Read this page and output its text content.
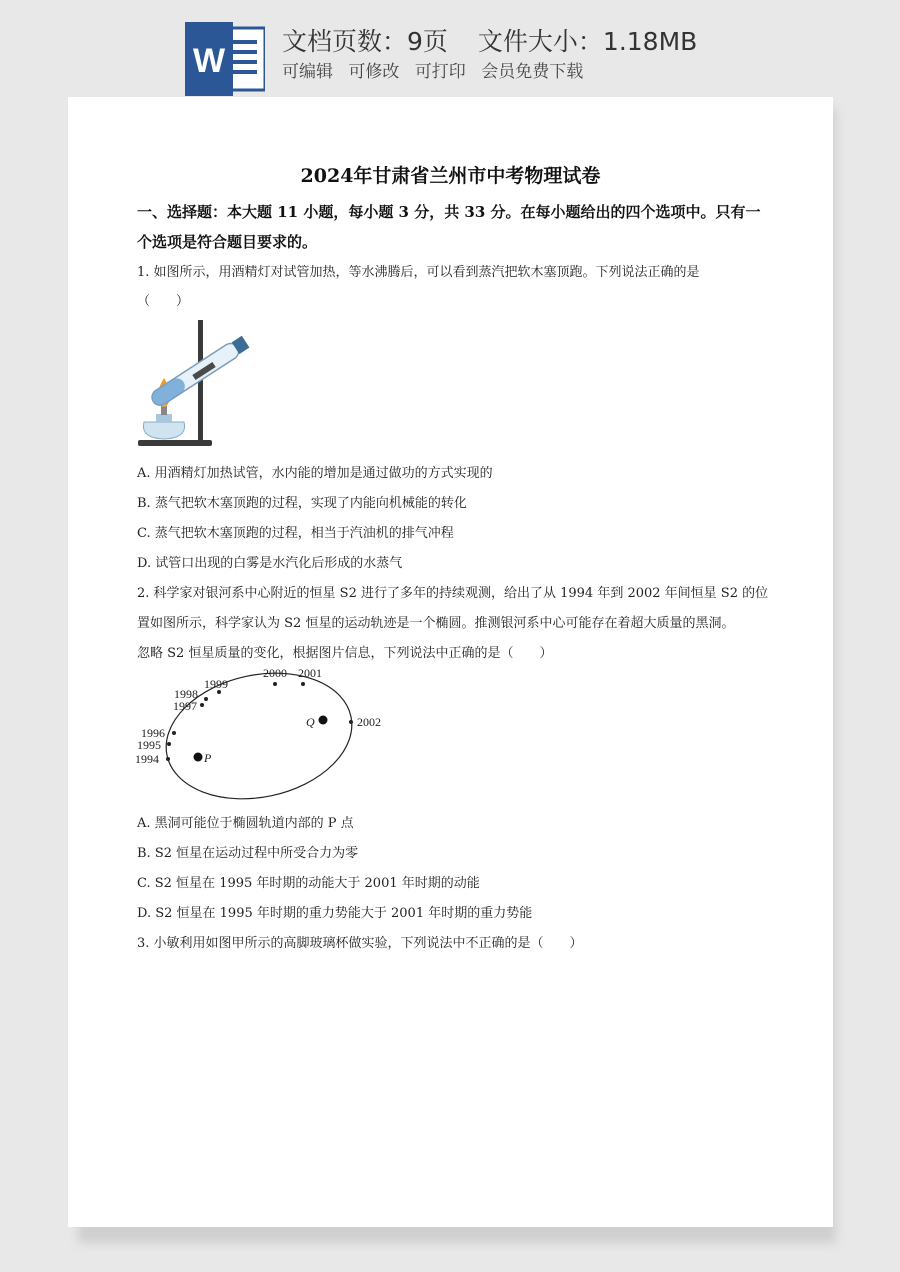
W
文档页数：9页 文件大小：1.18MB
可编辑 可修改 可打印 会员免费下载
2024年甘肃省兰州市中考物理试卷
一、选择题：本大题 11 小题，每小题 3 分，共 33 分。在每小题给出的四个选项中。只有一
个选项是符合题目要求的。
1. 如图所示，用酒精灯对试管加热，等水沸腾后，可以看到蒸汽把软木塞顶跑。下列说法正确的是
（　　）
A. 用酒精灯加热试管，水内能的增加是通过做功的方式实现的
B. 蒸气把软木塞顶跑的过程，实现了内能向机械能的转化
C. 蒸气把软木塞顶跑的过程，相当于汽油机的排气冲程
D. 试管口出现的白雾是水汽化后形成的水蒸气
2. 科学家对银河系中心附近的恒星 S2 进行了多年的持续观测，给出了从 1994 年到 2002 年间恒星 S2 的位
置如图所示，科学家认为 S2 恒星的运动轨迹是一个椭圆。推测银河系中心可能存在着超大质量的黑洞。
忽略 S2 恒星质量的变化，根据图片信息，下列说法中正确的是（　　）
1994
1995
1996
1997
1998
1999
2000 2001
2002
Q
P
A. 黑洞可能位于椭圆轨道内部的 P 点
B. S2 恒星在运动过程中所受合力为零
C. S2 恒星在 1995 年时期的动能大于 2001 年时期的动能
D. S2 恒星在 1995 年时期的重力势能大于 2001 年时期的重力势能
3. 小敏利用如图甲所示的高脚玻璃杯做实验，下列说法中不正确的是（　　）
